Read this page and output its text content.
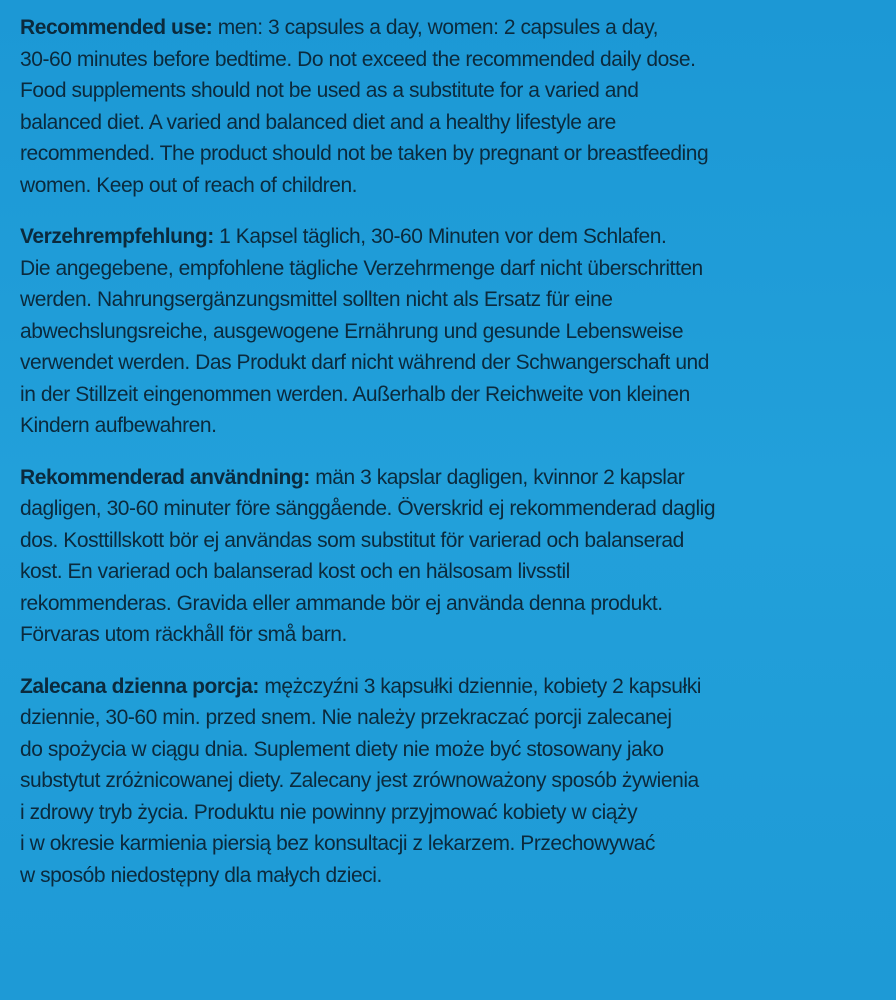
Recommended use: men: 3 capsules a day, women: 2 capsules a day,
30-60 minutes before bedtime. Do not exceed the recommended daily dose.
Food supplements should not be used as a substitute for a varied and
balanced diet. A varied and balanced diet and a healthy lifestyle are
recommended. The product should not be taken by pregnant or breastfeeding
women. Keep out of reach of children.
Verzehrempfehlung: 1 Kapsel täglich, 30-60 Minuten vor dem Schlafen.
Die angegebene, empfohlene tägliche Verzehrmenge darf nicht überschritten
werden. Nahrungsergänzungsmittel sollten nicht als Ersatz für eine
abwechslungsreiche, ausgewogene Ernährung und gesunde Lebensweise
verwendet werden. Das Produkt darf nicht während der Schwangerschaft und
in der Stillzeit eingenommen werden. Außerhalb der Reichweite von kleinen
Kindern aufbewahren.
Rekommenderad användning: män 3 kapslar dagligen, kvinnor 2 kapslar
dagligen, 30-60 minuter före sänggående. Överskrid ej rekommenderad daglig
dos. Kosttillskott bör ej användas som substitut för varierad och balanserad
kost. En varierad och balanserad kost och en hälsosam livsstil
rekommenderas. Gravida eller ammande bör ej använda denna produkt.
Förvaras utom räckhåll för små barn.
Zalecana dzienna porcja: mężczyźni 3 kapsułki dziennie, kobiety 2 kapsułki
dziennie, 30-60 min. przed snem. Nie należy przekraczać porcji zalecanej
do spożycia w ciągu dnia. Suplement diety nie może być stosowany jako
substytut zróżnicowanej diety. Zalecany jest zrównoważony sposób żywienia
i zdrowy tryb życia. Produktu nie powinny przyjmować kobiety w ciąży
i w okresie karmienia piersią bez konsultacji z lekarzem. Przechowywać
w sposób niedostępny dla małych dzieci.
